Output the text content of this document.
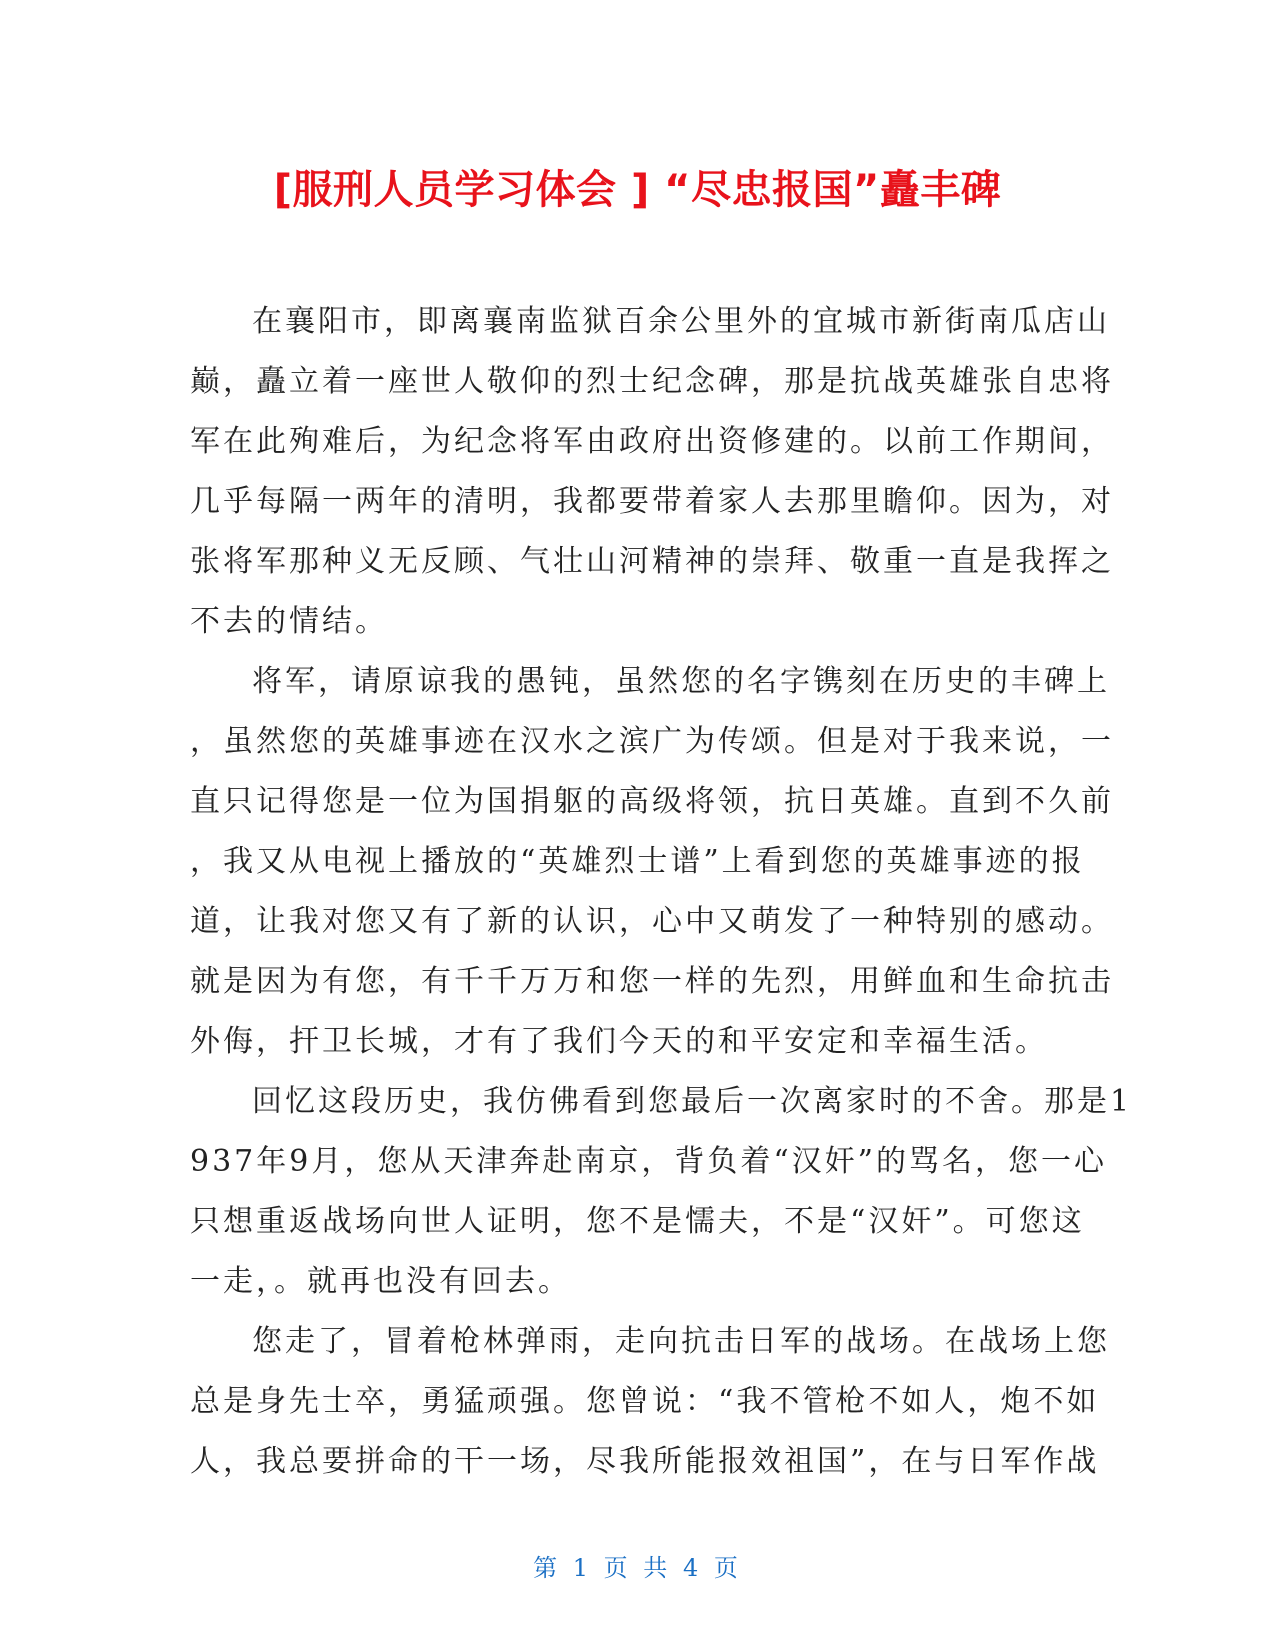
[服刑人员学习体会 ] “尽忠报国”矗丰碑
在襄阳市，即离襄南监狱百余公里外的宜城市新街南瓜店山
巅，矗立着一座世人敬仰的烈士纪念碑，那是抗战英雄张自忠将
军在此殉难后，为纪念将军由政府出资修建的。以前工作期间，
几乎每隔一两年的清明，我都要带着家人去那里瞻仰。因为，对
张将军那种义无反顾、气壮山河精神的崇拜、敬重一直是我挥之
不去的情结。
将军，请原谅我的愚钝，虽然您的名字镌刻在历史的丰碑上
，虽然您的英雄事迹在汉水之滨广为传颂。但是对于我来说，一
直只记得您是一位为国捐躯的高级将领，抗日英雄。直到不久前
，我又从电视上播放的“英雄烈士谱”上看到您的英雄事迹的报
道，让我对您又有了新的认识，心中又萌发了一种特别的感动。
就是因为有您，有千千万万和您一样的先烈，用鲜血和生命抗击
外侮，扞卫长城，才有了我们今天的和平安定和幸福生活。
回忆这段历史，我仿佛看到您最后一次离家时的不舍。那是1
937年9月，您从天津奔赴南京，背负着“汉奸”的骂名，您一心
只想重返战场向世人证明，您不是懦夫，不是“汉奸”。可您这
一走，。就再也没有回去。
您走了，冒着枪林弹雨，走向抗击日军的战场。在战场上您
总是身先士卒，勇猛顽强。您曾说：“我不管枪不如人，炮不如
人，我总要拼命的干一场，尽我所能报效祖国”，在与日军作战
第 1 页 共 4 页
